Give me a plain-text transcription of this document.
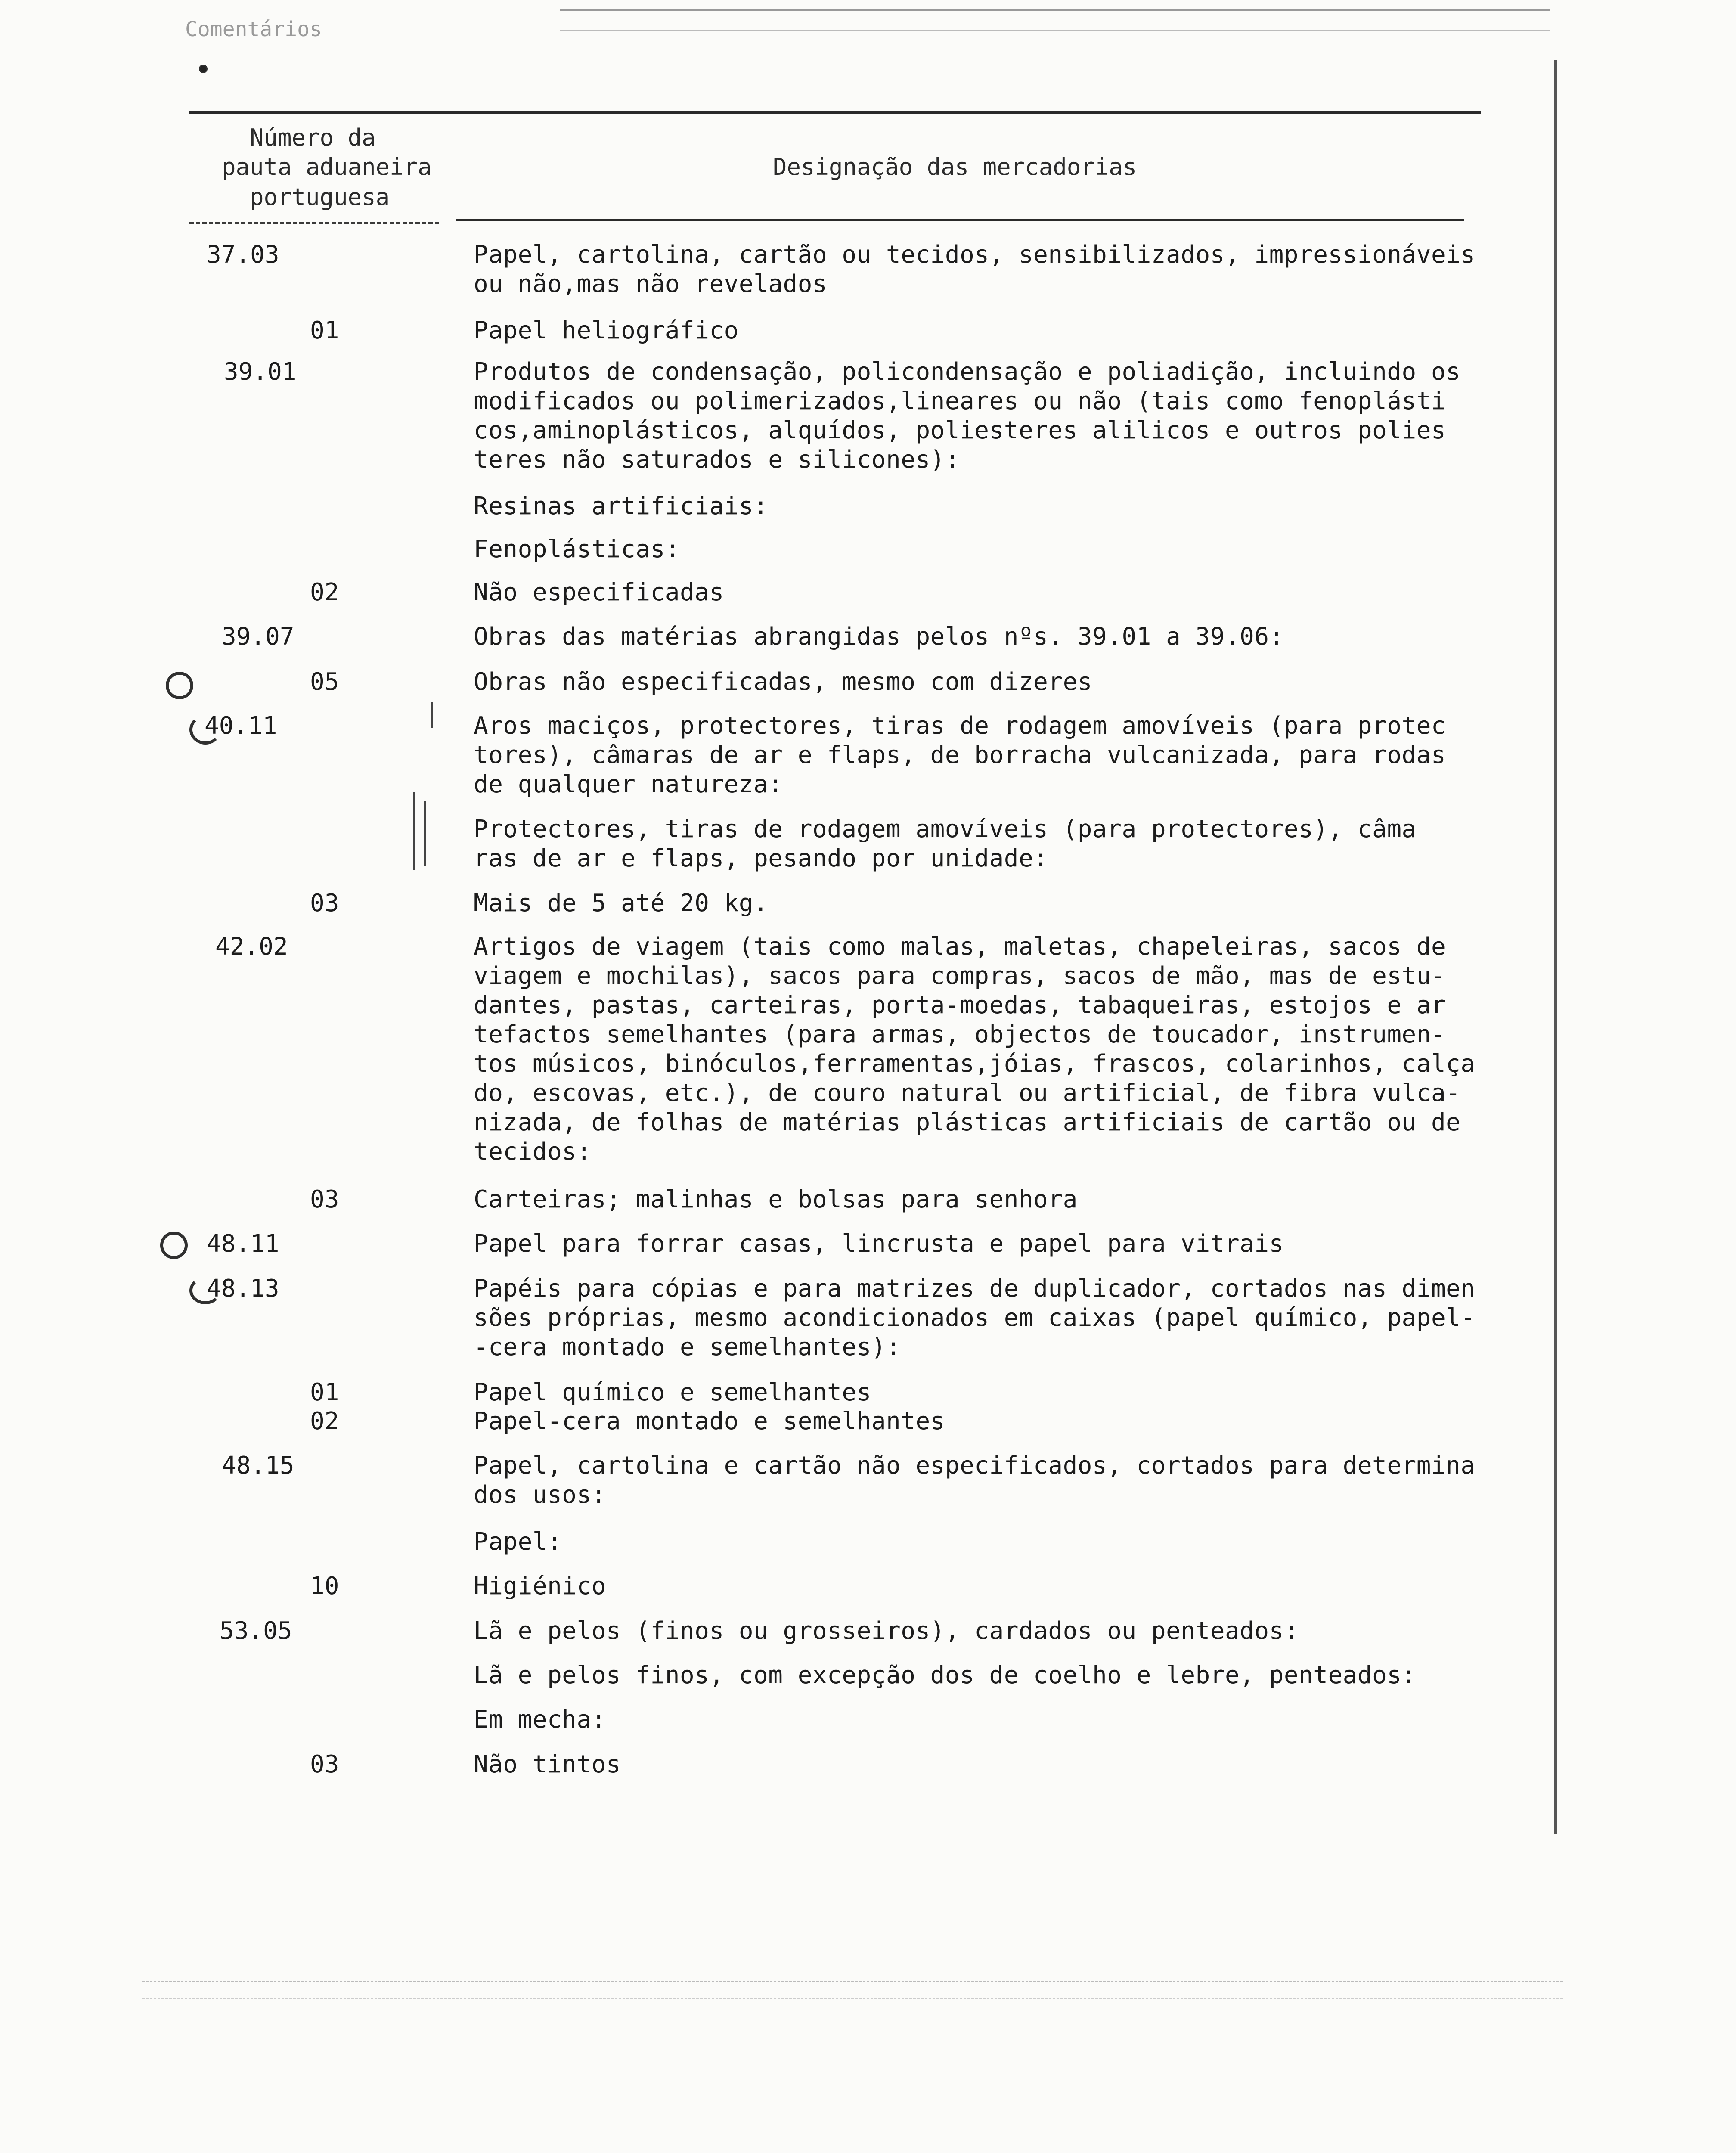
Comentários
Número da
pauta aduaneira
portuguesa
Designação das mercadorias
37.03
01
39.01
02
39.07
05
40.11
03
42.02
03
48.11
48.13
01
02
48.15
10
53.05
03
Papel, cartolina, cartão ou tecidos, sensibilizados, impressionáveis
ou não,mas não revelados
Papel heliográfico
Produtos de condensação, policondensação e poliadição, incluindo os
modificados ou polimerizados,lineares ou não (tais como fenoplásti
cos,aminoplásticos, alquídos, poliesteres alilicos e outros polies
teres não saturados e silicones):
Resinas artificiais:
Fenoplásticas:
Não especificadas
Obras das matérias abrangidas pelos nºs. 39.01 a 39.06:
Obras não especificadas, mesmo com dizeres
Aros maciços, protectores, tiras de rodagem amovíveis (para protec
tores), câmaras de ar e flaps, de borracha vulcanizada, para rodas
de qualquer natureza:
Protectores, tiras de rodagem amovíveis (para protectores), câma
ras de ar e flaps, pesando por unidade:
Mais de 5 até 20 kg.
Artigos de viagem (tais como malas, maletas, chapeleiras, sacos de
viagem e mochilas), sacos para compras, sacos de mão, mas de estu-
dantes, pastas, carteiras, porta-moedas, tabaqueiras, estojos e ar
tefactos semelhantes (para armas, objectos de toucador, instrumen-
tos músicos, binóculos,ferramentas,jóias, frascos, colarinhos, calça
do, escovas, etc.), de couro natural ou artificial, de fibra vulca-
nizada, de folhas de matérias plásticas artificiais de cartão ou de
tecidos:
Carteiras; malinhas e bolsas para senhora
Papel para forrar casas, lincrusta e papel para vitrais
Papéis para cópias e para matrizes de duplicador, cortados nas dimen
sões próprias, mesmo acondicionados em caixas (papel químico, papel-
-cera montado e semelhantes):
Papel químico e semelhantes
Papel-cera montado e semelhantes
Papel, cartolina e cartão não especificados, cortados para determina
dos usos:
Papel:
Higiénico
Lã e pelos (finos ou grosseiros), cardados ou penteados:
Lã e pelos finos, com excepção dos de coelho e lebre, penteados:
Em mecha:
Não tintos
